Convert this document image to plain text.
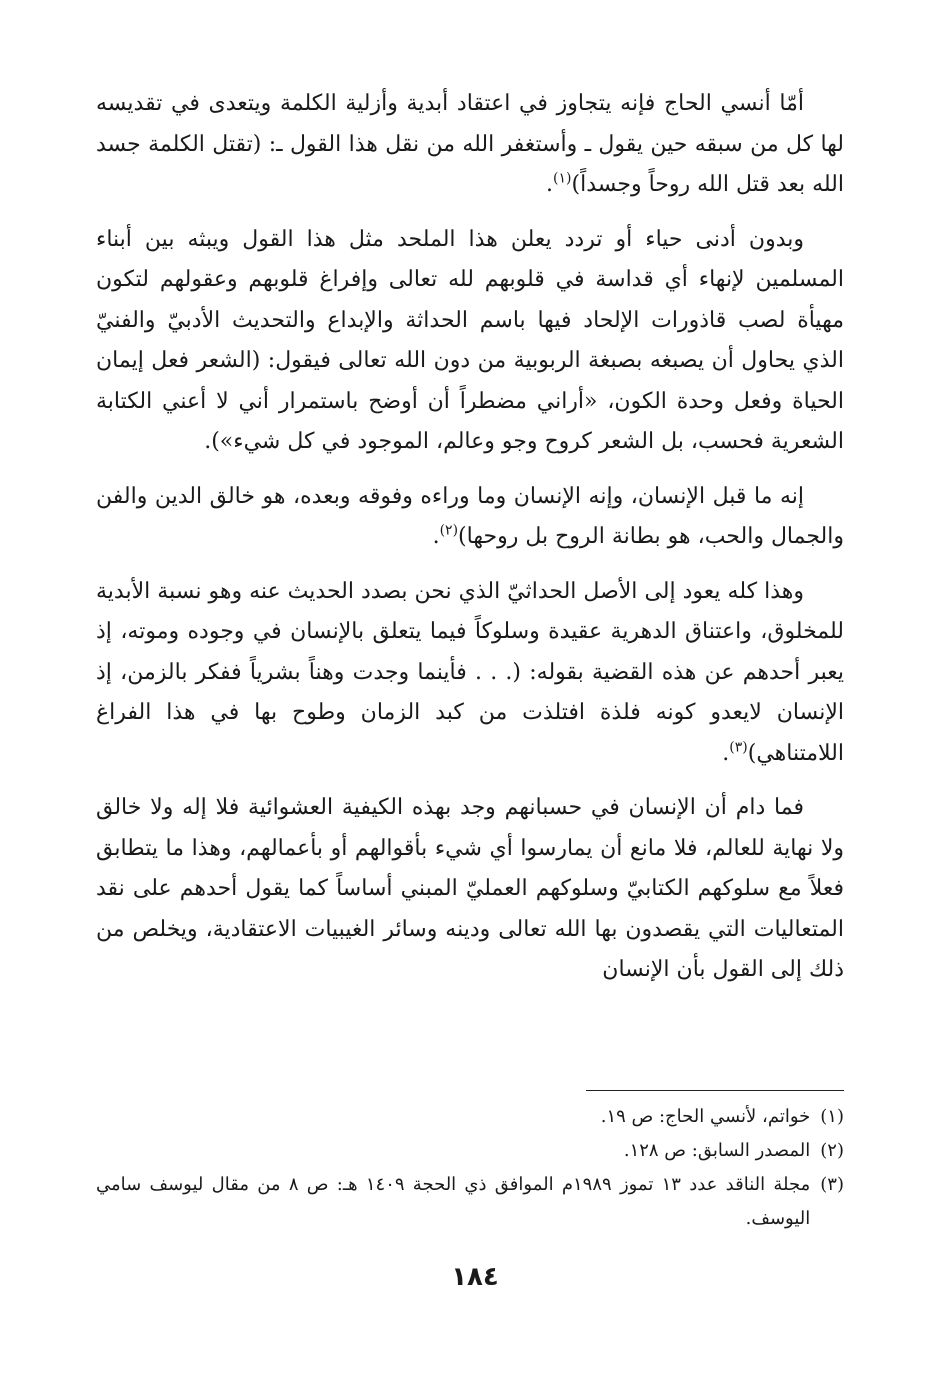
أمّا أنسي الحاج فإنه يتجاوز في اعتقاد أبدية وأزلية الكلمة ويتعدى في تقديسه لها كل من سبقه حين يقول ـ وأستغفر الله من نقل هذا القول ـ: (تقتل الكلمة جسد الله بعد قتل الله روحاً وجسداً)$^{(١)}$.

وبدون أدنى حياء أو تردد يعلن هذا الملحد مثل هذا القول ويبثه بين أبناء المسلمين لإنهاء أي قداسة في قلوبهم لله تعالى وإفراغ قلوبهم وعقولهم لتكون مهيأة لصب قاذورات الإلحاد فيها باسم الحداثة والإبداع والتحديث الأدبيّ والفنيّ الذي يحاول أن يصبغه بصبغة الربوبية من دون الله تعالى فيقول: (الشعر فعل إيمان الحياة وفعل وحدة الكون، «أراني مضطراً أن أوضح باستمرار أني لا أعني الكتابة الشعرية فحسب، بل الشعر كروح وجو وعالم، الموجود في كل شيء»).

إنه ما قبل الإنسان، وإنه الإنسان وما وراءه وفوقه وبعده، هو خالق الدين والفن والجمال والحب، هو بطانة الروح بل روحها)$^{(٢)}$.

وهذا كله يعود إلى الأصل الحداثيّ الذي نحن بصدد الحديث عنه وهو نسبة الأبدية للمخلوق، واعتناق الدهرية عقيدة وسلوكاً فيما يتعلق بالإنسان في وجوده وموته، إذ يعبر أحدهم عن هذه القضية بقوله: (. . . فأينما وجدت وهناً بشرياً ففكر بالزمن، إذ الإنسان لايعدو كونه فلذة افتلذت من كبد الزمان وطوح بها في هذا الفراغ اللامتناهي)$^{(٣)}$.

فما دام أن الإنسان في حسبانهم وجد بهذه الكيفية العشوائية فلا إله ولا خالق ولا نهاية للعالم، فلا مانع أن يمارسوا أي شيء بأقوالهم أو بأعمالهم، وهذا ما يتطابق فعلاً مع سلوكهم الكتابيّ وسلوكهم العمليّ المبني أساساً كما يقول أحدهم على نقد المتعاليات التي يقصدون بها الله تعالى ودينه وسائر الغيبيات الاعتقادية، ويخلص من ذلك إلى القول بأن الإنسان

(١)
خواتم، لأنسي الحاج: ص ١٩.

(٢)
المصدر السابق: ص ١٢٨.

(٣)
مجلة الناقد عدد ١٣ تموز ١٩٨٩م الموافق ذي الحجة ١٤٠٩ هـ: ص ٨ من مقال ليوسف سامي اليوسف.

١٨٤
